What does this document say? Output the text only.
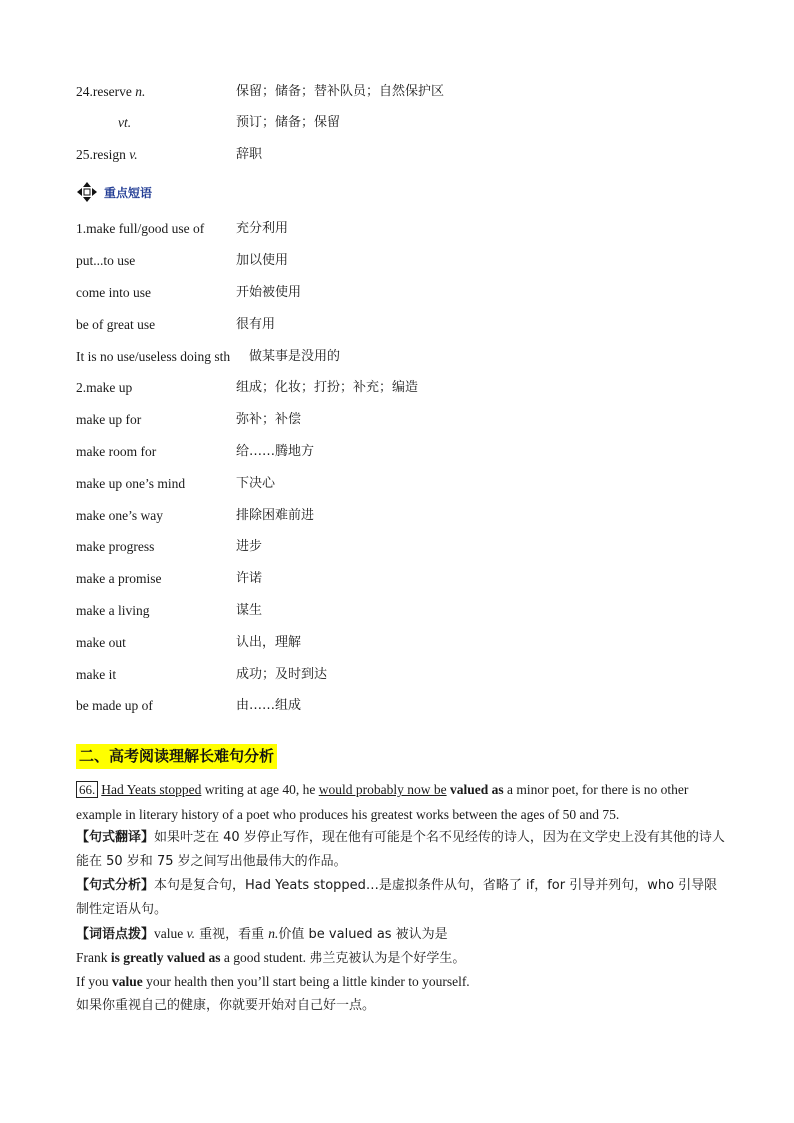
24.reserve n.	保留；储备；替补队员；自然保护区
vt.	预订；储备；保留
25.resign v.	辞职
重点短语
1.make full/good use of 充分利用
put...to use	加以使用
come into use	开始被使用
be of great use	很有用
It is no use/useless doing sth 做某事是没用的
2.make up	组成；化妆；打扮；补充；编造
make up for	弥补；补偿
make room for	给……腾地方
make up one’s mind	下决心
make one’s way	排除困难前进
make progress	进步
make a promise	许诺
make a living	谋生
make out	认出，理解
make it	成功；及时到达
be made up of	由……组成
二、高考阅读理解长难句分析
66. Had Yeats stopped writing at age 40, he would probably now be valued as a minor poet, for there is no other example in literary history of a poet who produces his greatest works between the ages of 50 and 75.
【句式翻译】如果叶芝在 40 岁停止写作，现在他有可能是个名不见经传的诗人，因为在文学史上没有其他的诗人能在 50 岁和 75 岁之间写出他最伟大的作品。
【句式分析】本句是复合句，Had Yeats stopped…是虚拟条件从句，省略了 if，for 引导并列句，who 引导限制性定语从句。
【词语点拨】value v. 重视，看重 n.价值 be valued as 被认为是
Frank is greatly valued as a good student. 弗兰克被认为是个好学生。
If you value your health then you’ll start being a little kinder to yourself.
如果你重视自己的健康，你就要开始对自己好一点。
